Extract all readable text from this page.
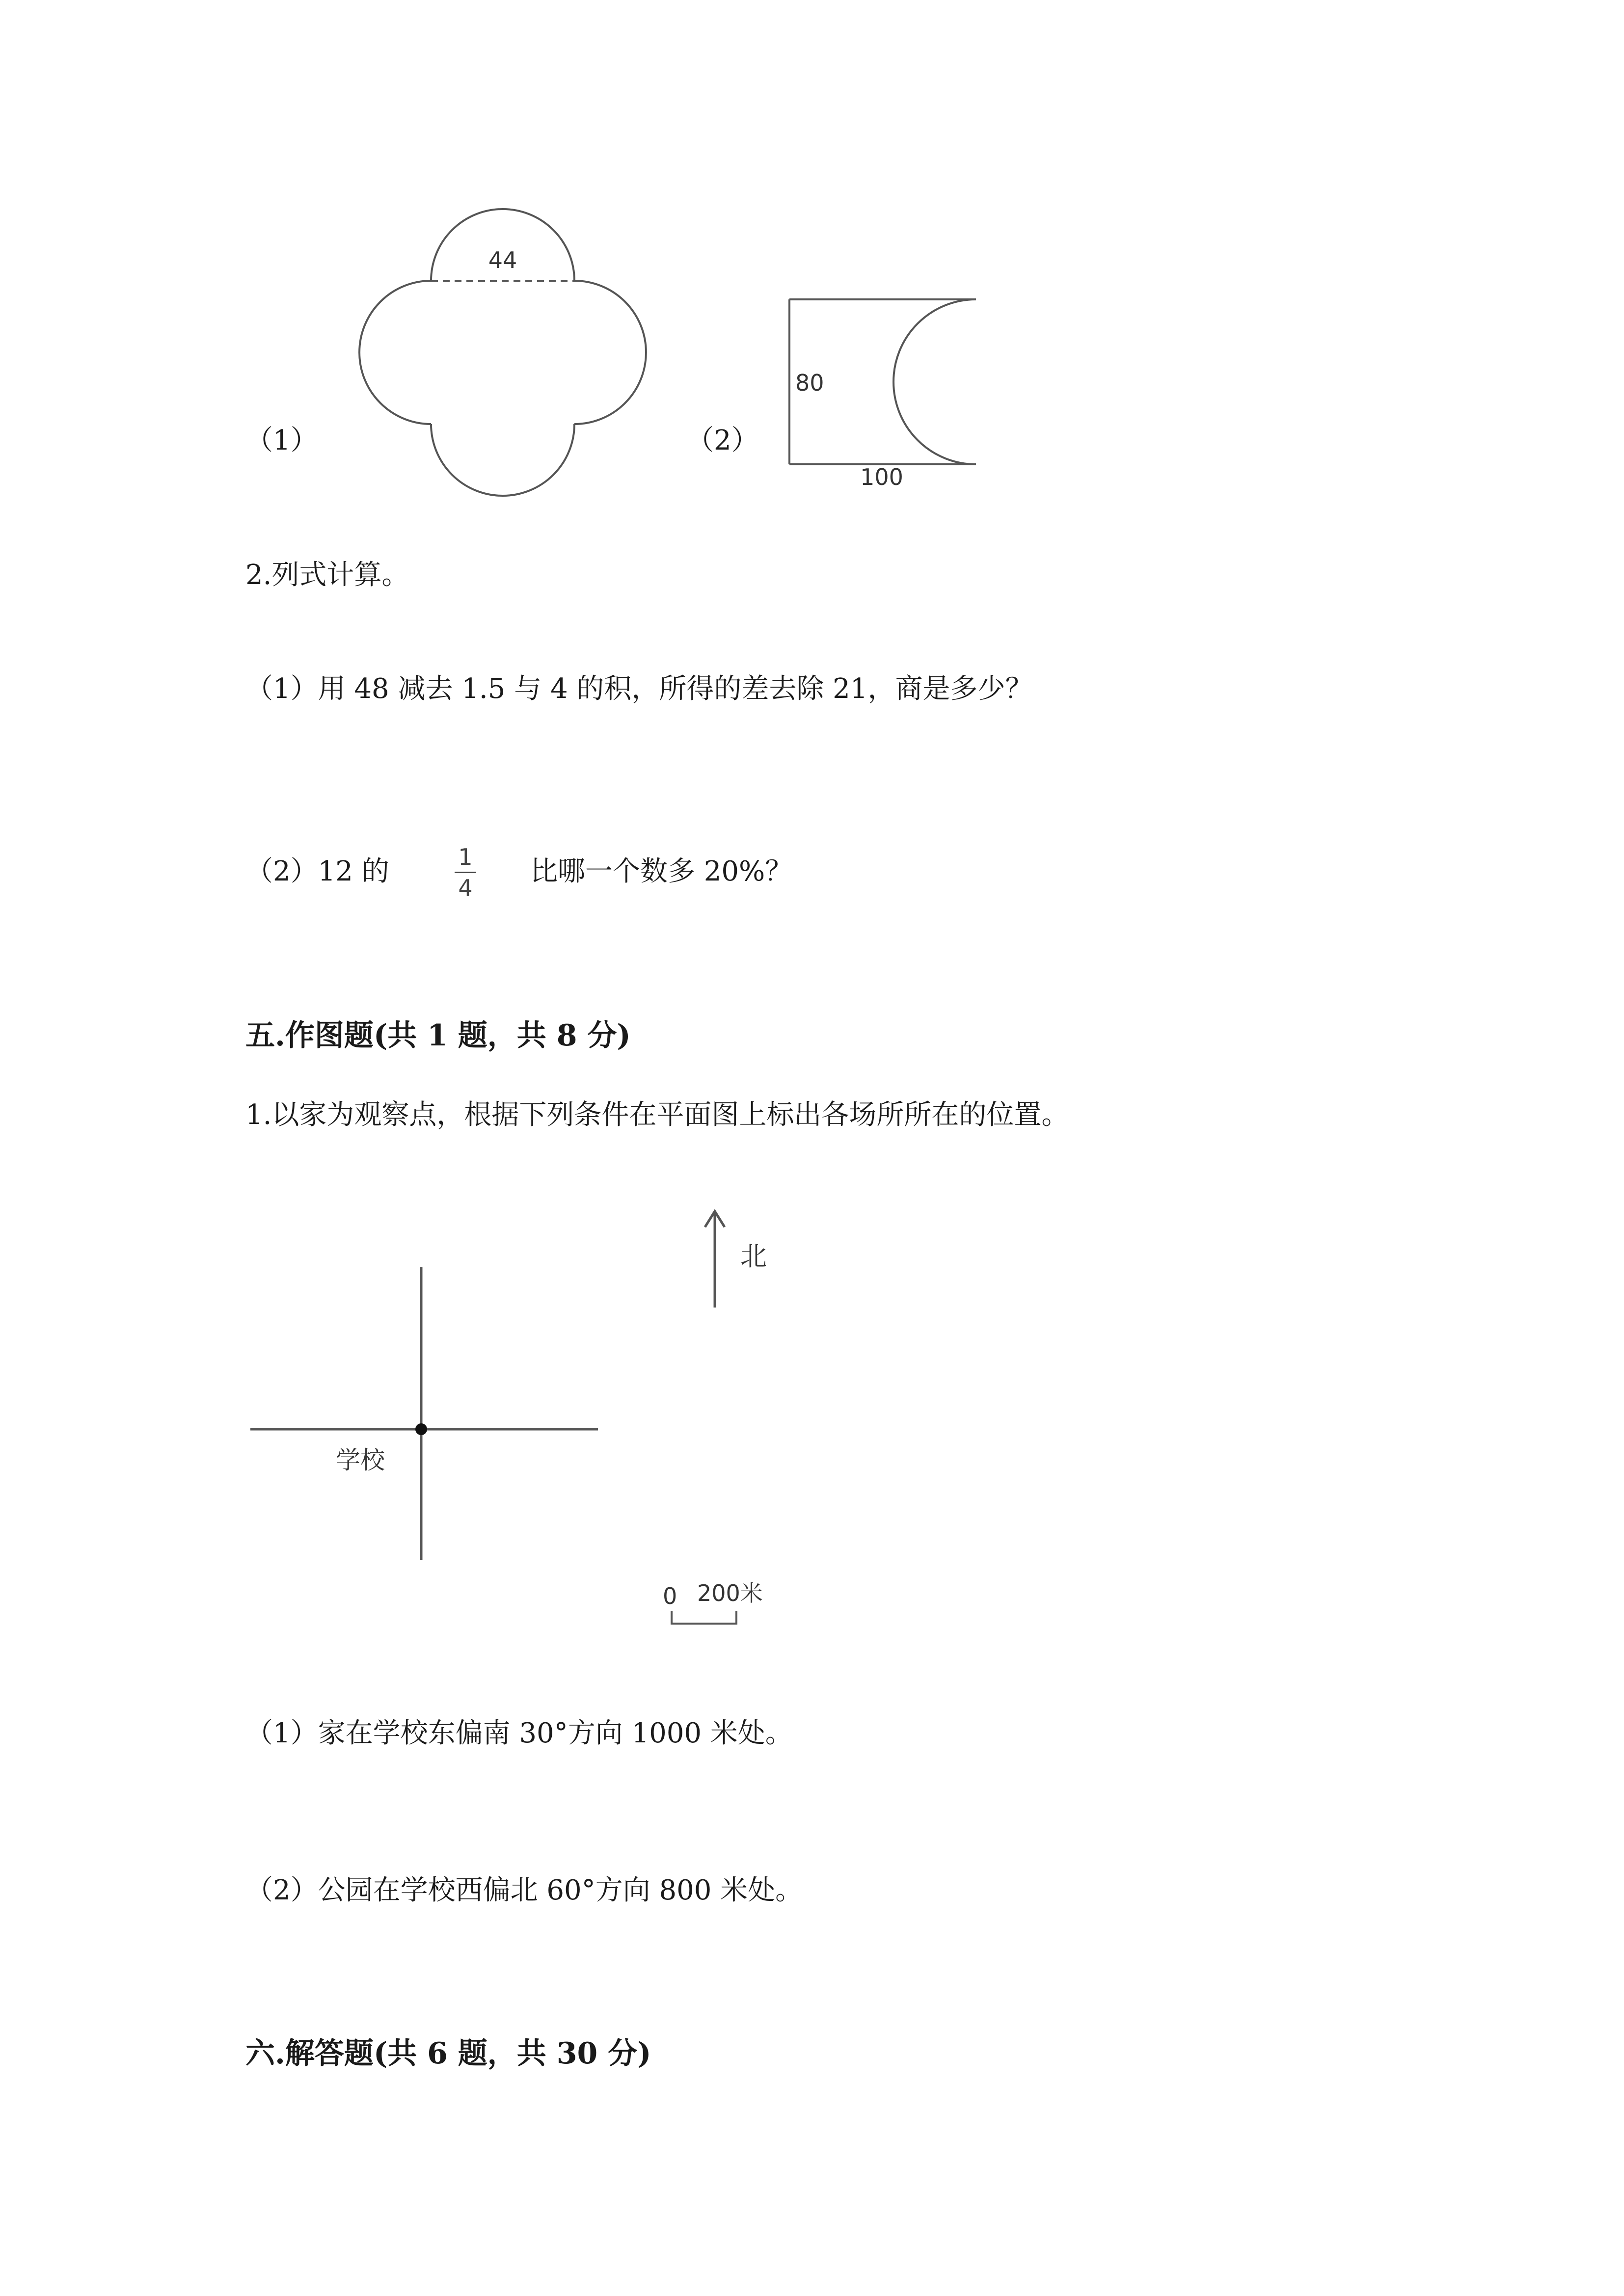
（1）
44
（2）
80
100
2.列式计算。
（1）用 48 减去 1.5 与 4 的积，所得的差去除 21，商是多少？
（2）12 的	1
4
比哪一个数多 20%？
五.作图题(共 1 题，共 8 分)
1.以家为观察点，根据下列条件在平面图上标出各场所所在的位置。
北
学校
0 200米
（1）家在学校东偏南 30°方向 1000 米处。
（2）公园在学校西偏北 60°方向 800 米处。
六.解答题(共 6 题，共 30 分)
